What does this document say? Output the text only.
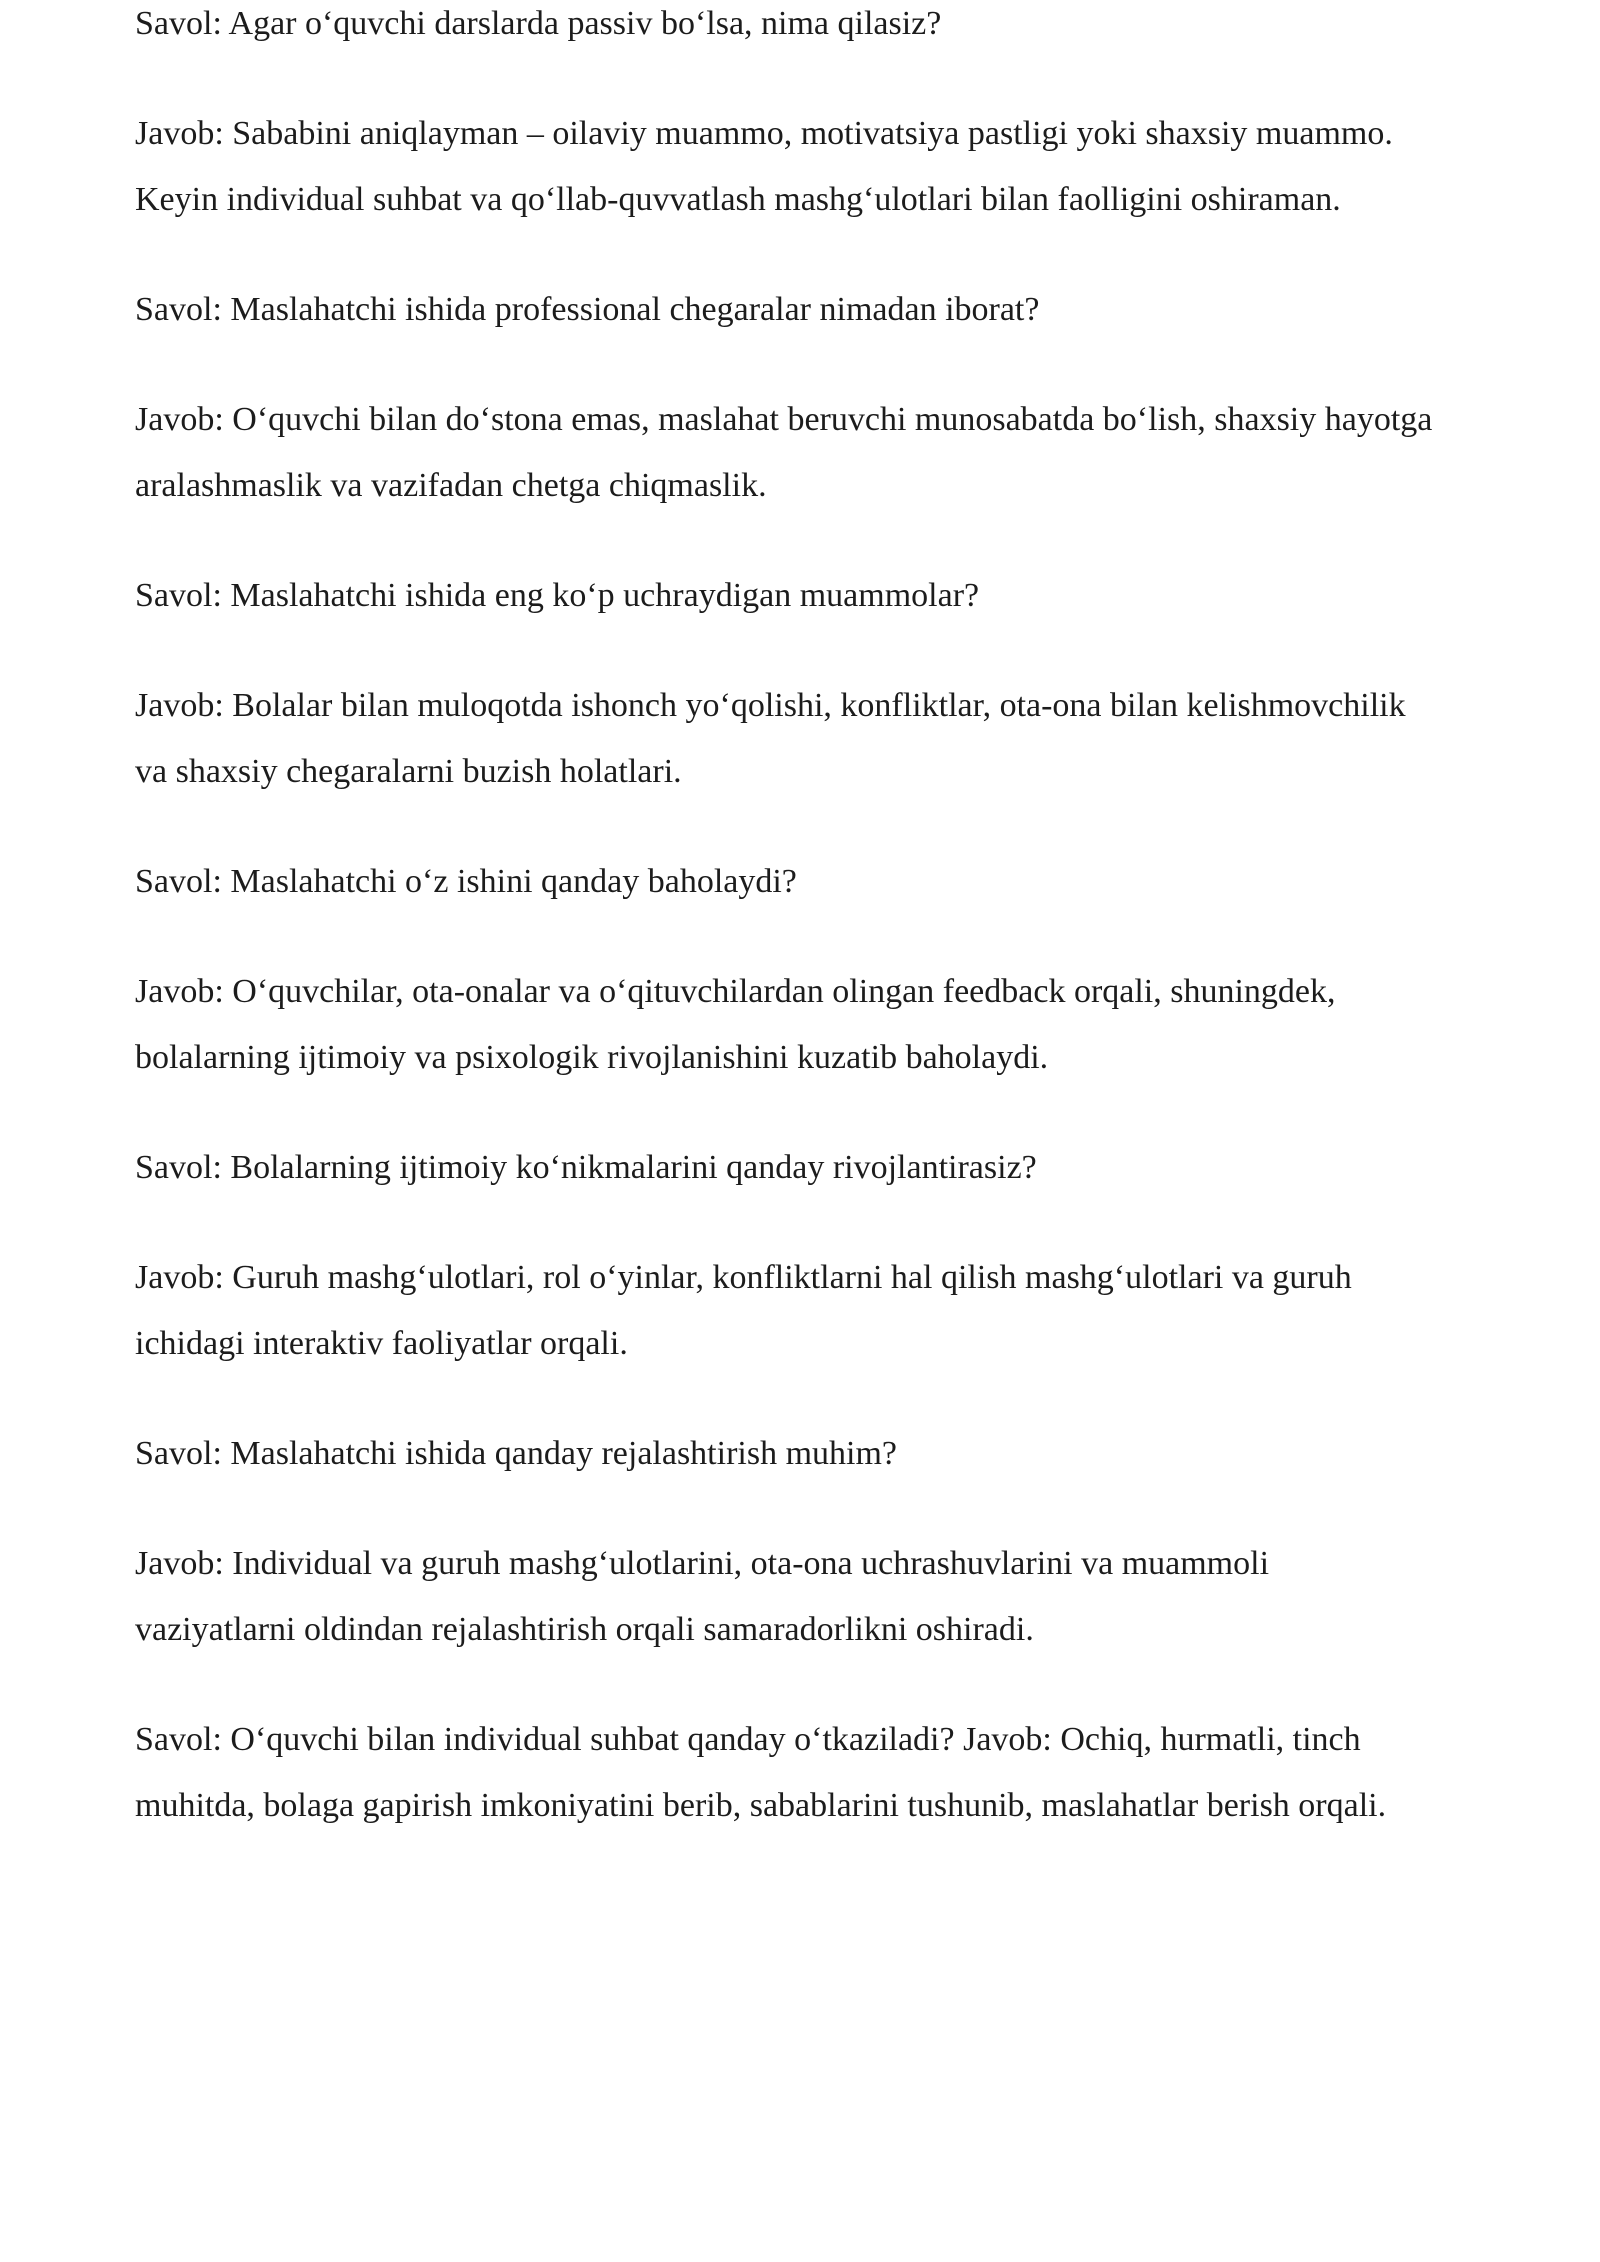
Savol: Agar o‘quvchi darslarda passiv bo‘lsa, nima qilasiz?

Javob: Sababini aniqlayman – oilaviy muammo, motivatsiya pastligi yoki shaxsiy muammo. Keyin individual suhbat va qo‘llab-quvvatlash mashg‘ulotlari bilan faolligini oshiraman.

Savol: Maslahatchi ishida professional chegaralar nimadan iborat?

Javob: O‘quvchi bilan do‘stona emas, maslahat beruvchi munosabatda bo‘lish, shaxsiy hayotga aralashmaslik va vazifadan chetga chiqmaslik.

Savol: Maslahatchi ishida eng ko‘p uchraydigan muammolar?

Javob: Bolalar bilan muloqotda ishonch yo‘qolishi, konfliktlar, ota-ona bilan kelishmovchilik va shaxsiy chegaralarni buzish holatlari.

Savol: Maslahatchi o‘z ishini qanday baholaydi?

Javob: O‘quvchilar, ota-onalar va o‘qituvchilardan olingan feedback orqali, shuningdek, bolalarning ijtimoiy va psixologik rivojlanishini kuzatib baholaydi.

Savol: Bolalarning ijtimoiy ko‘nikmalarini qanday rivojlantirasiz?

Javob: Guruh mashg‘ulotlari, rol o‘yinlar, konfliktlarni hal qilish mashg‘ulotlari va guruh ichidagi interaktiv faoliyatlar orqali.

Savol: Maslahatchi ishida qanday rejalashtirish muhim?

Javob: Individual va guruh mashg‘ulotlarini, ota-ona uchrashuvlarini va muammoli vaziyatlarni oldindan rejalashtirish orqali samaradorlikni oshiradi.

Savol: O‘quvchi bilan individual suhbat qanday o‘tkaziladi? Javob: Ochiq, hurmatli, tinch muhitda, bolaga gapirish imkoniyatini berib, sabablarini tushunib, maslahatlar berish orqali.
